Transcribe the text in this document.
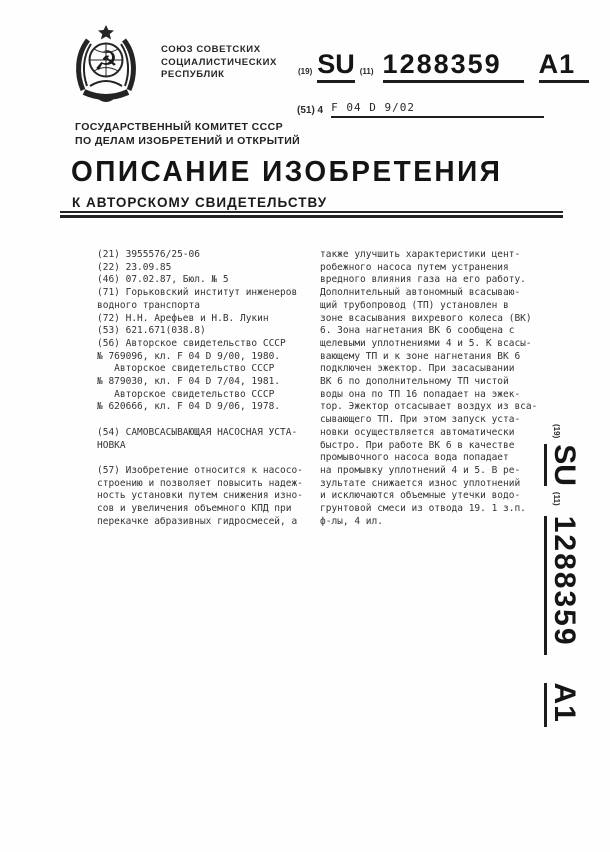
☭	СОЮЗ СОВЕТСКИХ
СОЦИАЛИСТИЧЕСКИХ
РЕСПУБЛИК
ГОСУДАРСТВЕННЫЙ КОМИТЕТ СССР
ПО ДЕЛАМ ИЗОБРЕТЕНИЙ И ОТКРЫТИЙ
(19) SU (11) 1288359	A1
(51) 4 F 04 D 9/02
ОПИСАНИЕ ИЗОБРЕТЕНИЯ
К АВТОРСКОМУ СВИДЕТЕЛЬСТВУ
(21) 3955576/25-06
(22) 23.09.85
(46) 07.02.87, Бюл. № 5
(71) Горьковский институт инженеров
водного транспорта
(72) Н.Н. Арефьев и Н.В. Лукин
(53) 621.671(038.8)
(56) Авторское свидетельство СССР
№ 769096, кл. F 04 D 9/00, 1980.
Авторское свидетельство СССР
№ 879030, кл. F 04 D 7/04, 1981.
Авторское свидетельство СССР
№ 620666, кл. F 04 D 9/06, 1978.

(54) САМОВСАСЫВАЮЩАЯ НАСОСНАЯ УСТА-
НОВКА

(57) Изобретение относится к насосо-
строению и позволяет повысить надеж-
ность установки путем снижения изно-
сов и увеличения объемного КПД при
перекачке абразивных гидросмесей, а
также улучшить характеристики цент-
робежного насоса путем устранения
вредного влияния газа на его работу.
Дополнительный автономный всасываю-
щий трубопровод (ТП) установлен в
зоне всасывания вихревого колеса (ВК)
6. Зона нагнетания ВК 6 сообщена с
щелевыми уплотнениями 4 и 5. К всасы-
вающему ТП и к зоне нагнетания ВК 6
подключен эжектор. При засасывании
ВК 6 по дополнительному ТП чистой
воды она по ТП 16 попадает на эжек-
тор. Эжектор отсасывает воздух из вса-
сывающего ТП. При этом запуск уста-
новки осуществляется автоматически
быстро. При работе ВК 6 в качестве
промывочного насоса вода попадает
на промывку уплотнений 4 и 5. В ре-
зультате снижается износ уплотнений
и исключаются объемные утечки водо-
грунтовой смеси из отвода 19. 1 з.п.
ф-лы, 4 ил.
(19)
SU
(11)
1288359
A1
